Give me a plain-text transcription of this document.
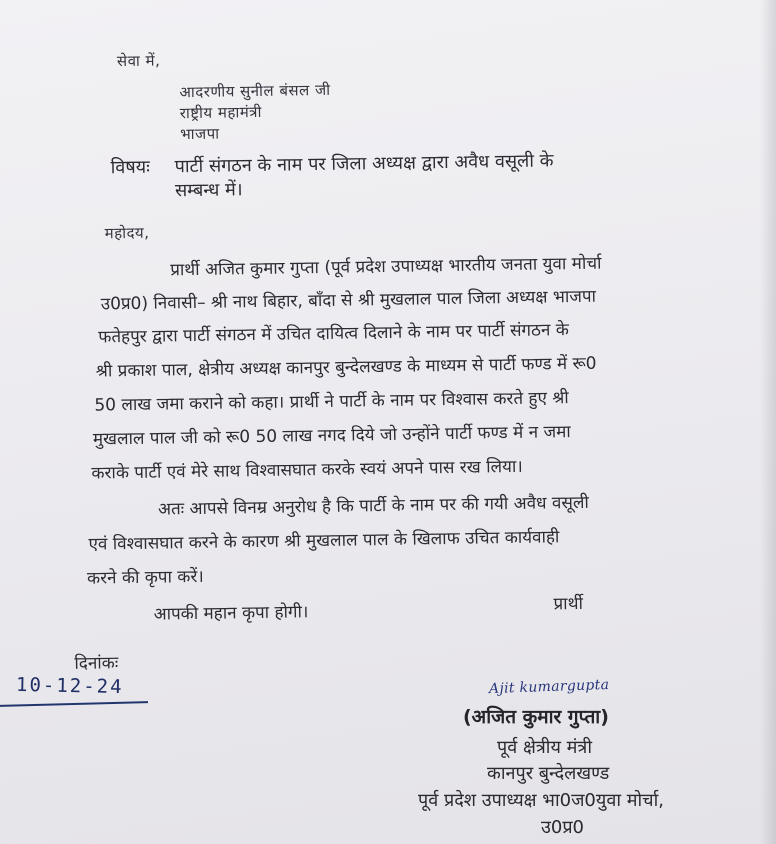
सेवा में,
आदरणीय सुनील बंसल जी
राष्ट्रीय महामंत्री
भाजपा
विषयः पार्टी संगठन के नाम पर जिला अध्यक्ष द्वारा अवैध वसूली के
सम्बन्ध में।
महोदय,
प्रार्थी अजित कुमार गुप्ता (पूर्व प्रदेश उपाध्यक्ष भारतीय जनता युवा मोर्चा
उ0प्र0) निवासी– श्री नाथ बिहार, बाँदा से श्री मुखलाल पाल जिला अध्यक्ष भाजपा
फतेहपुर द्वारा पार्टी संगठन में उचित दायित्व दिलाने के नाम पर पार्टी संगठन के
श्री प्रकाश पाल, क्षेत्रीय अध्यक्ष कानपुर बुन्देलखण्ड के माध्यम से पार्टी फण्ड में रू0
50 लाख जमा कराने को कहा। प्रार्थी ने पार्टी के नाम पर विश्वास करते हुए श्री
मुखलाल पाल जी को रू0 50 लाख नगद दिये जो उन्होंने पार्टी फण्ड में न जमा
कराके पार्टी एवं मेरे साथ विश्वासघात करके स्वयं अपने पास रख लिया।
अतः आपसे विनम्र अनुरोध है कि पार्टी के नाम पर की गयी अवैध वसूली
एवं विश्वासघात करने के कारण श्री मुखलाल पाल के खिलाफ उचित कार्यवाही
करने की कृपा करें।
आपकी महान कृपा होगी।	प्रार्थी
दिनांकः
10-12-24	Ajit kumargupta
(अजित कुमार गुप्ता)
पूर्व क्षेत्रीय मंत्री
कानपुर बुन्देलखण्ड
पूर्व प्रदेश उपाध्यक्ष भा0ज0युवा मोर्चा,
उ0प्र0
